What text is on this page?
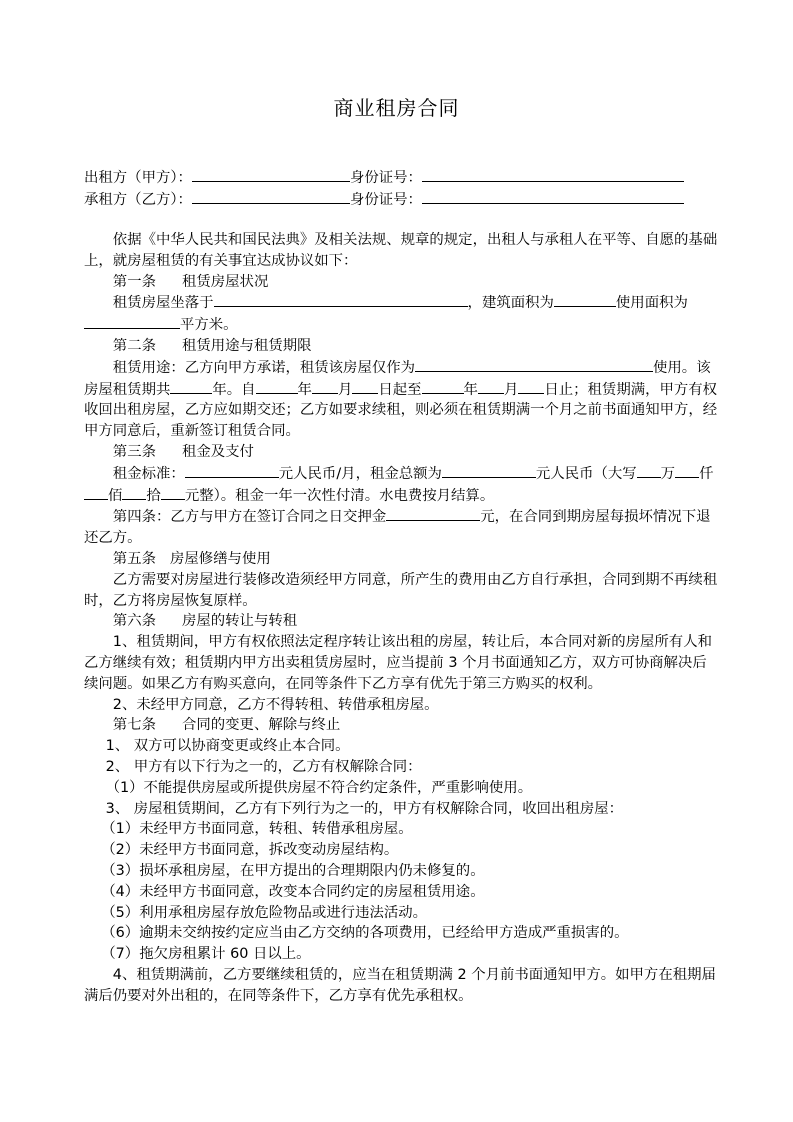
商业租房合同
出租方（甲方）：	身份证号：
承租方（乙方）：	身份证号：

依据《中华人民共和国民法典》及相关法规、规章的规定，出租人与承租人在平等、自愿的基础上，就房屋租赁的有关事宜达成协议如下：

第一条 租赁房屋状况

租赁房屋坐落于	，建筑面积为	使用面积为平方米。

第二条 租赁用途与租赁期限

租赁用途：乙方向甲方承诺，租赁该房屋仅作为	使用。该房屋租赁期共	年。自	年 月 日起至	年 月 日止；租赁期满，甲方有权收回出租房屋，乙方应如期交还；乙方如要求续租，则必须在租赁期满一个月之前书面通知甲方，经甲方同意后，重新签订租赁合同。

第三条 租金及支付

租金标准：	元人民币/月，租金总额为	元人民币（大写 万 仟佰 拾 元整）。租金一年一次性付清。水电费按月结算。

第四条：乙方与甲方在签订合同之日交押金	元，在合同到期房屋每损坏情况下退还乙方。

第五条 房屋修缮与使用

乙方需要对房屋进行装修改造须经甲方同意，所产生的费用由乙方自行承担，合同到期不再续租时，乙方将房屋恢复原样。

第六条 房屋的转让与转租

1、租赁期间，甲方有权依照法定程序转让该出租的房屋，转让后，本合同对新的房屋所有人和乙方继续有效；租赁期内甲方出卖租赁房屋时，应当提前 3 个月书面通知乙方，双方可协商解决后续问题。如果乙方有购买意向，在同等条件下乙方享有优先于第三方购买的权利。

2、未经甲方同意，乙方不得转租、转借承租房屋。

第七条 合同的变更、解除与终止

1、 双方可以协商变更或终止本合同。

2、 甲方有以下行为之一的，乙方有权解除合同：

（1）不能提供房屋或所提供房屋不符合约定条件，严重影响使用。

3、 房屋租赁期间，乙方有下列行为之一的，甲方有权解除合同，收回出租房屋：

（1）未经甲方书面同意，转租、转借承租房屋。

（2）未经甲方书面同意，拆改变动房屋结构。

（3）损坏承租房屋，在甲方提出的合理期限内仍未修复的。

（4）未经甲方书面同意，改变本合同约定的房屋租赁用途。

（5）利用承租房屋存放危险物品或进行违法活动。

（6）逾期未交纳按约定应当由乙方交纳的各项费用，已经给甲方造成严重损害的。

（7）拖欠房租累计 60 日以上。

4、租赁期满前，乙方要继续租赁的，应当在租赁期满 2 个月前书面通知甲方。如甲方在租期届满后仍要对外出租的，在同等条件下，乙方享有优先承租权。
